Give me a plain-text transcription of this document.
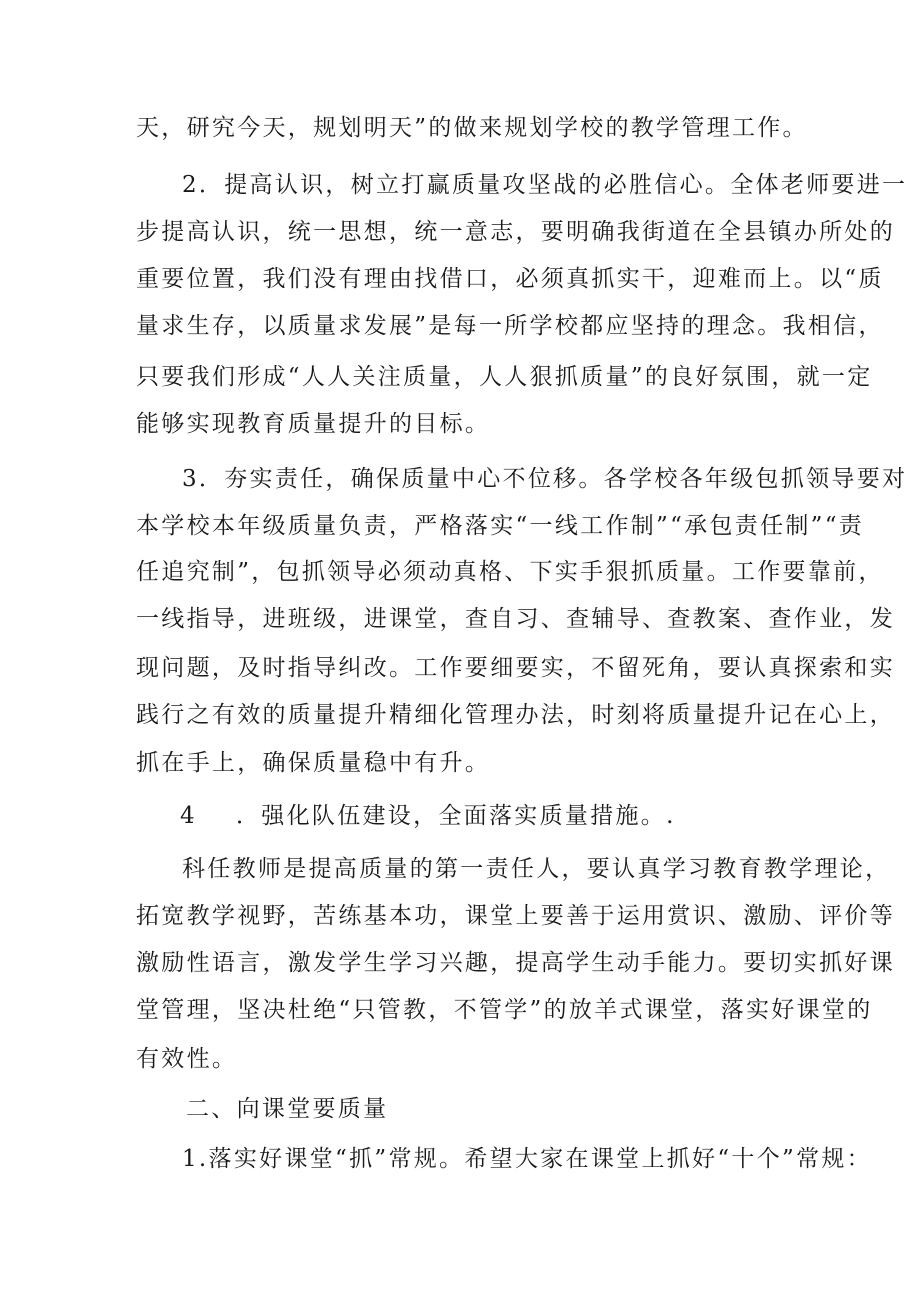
天，研究今天，规划明天”的做来规划学校的教学管理工作。
2．提高认识，树立打赢质量攻坚战的必胜信心。全体老师要进一
步提高认识，统一思想，统一意志，要明确我街道在全县镇办所处的
重要位置，我们没有理由找借口，必须真抓实干，迎难而上。以“质
量求生存，以质量求发展”是每一所学校都应坚持的理念。我相信，
只要我们形成“人人关注质量，人人狠抓质量”的良好氛围，就一定
能够实现教育质量提升的目标。
3．夯实责任，确保质量中心不位移。各学校各年级包抓领导要对
本学校本年级质量负责，严格落实“一线工作制”“承包责任制”“责
任追究制”，包抓领导必须动真格、下实手狠抓质量。工作要靠前，
一线指导，进班级，进课堂，查自习、查辅导、查教案、查作业，发
现问题，及时指导纠改。工作要细要实，不留死角，要认真探索和实
践行之有效的质量提升精细化管理办法，时刻将质量提升记在心上，
抓在手上，确保质量稳中有升。
4	．强化队伍建设，全面落实质量措施。.
科任教师是提高质量的第一责任人，要认真学习教育教学理论，
拓宽教学视野，苦练基本功，课堂上要善于运用赏识、激励、评价等
激励性语言，激发学生学习兴趣，提高学生动手能力。要切实抓好课
堂管理，坚决杜绝“只管教，不管学”的放羊式课堂，落实好课堂的
有效性。
二、向课堂要质量
1.落实好课堂“抓”常规。希望大家在课堂上抓好“十个”常规：
